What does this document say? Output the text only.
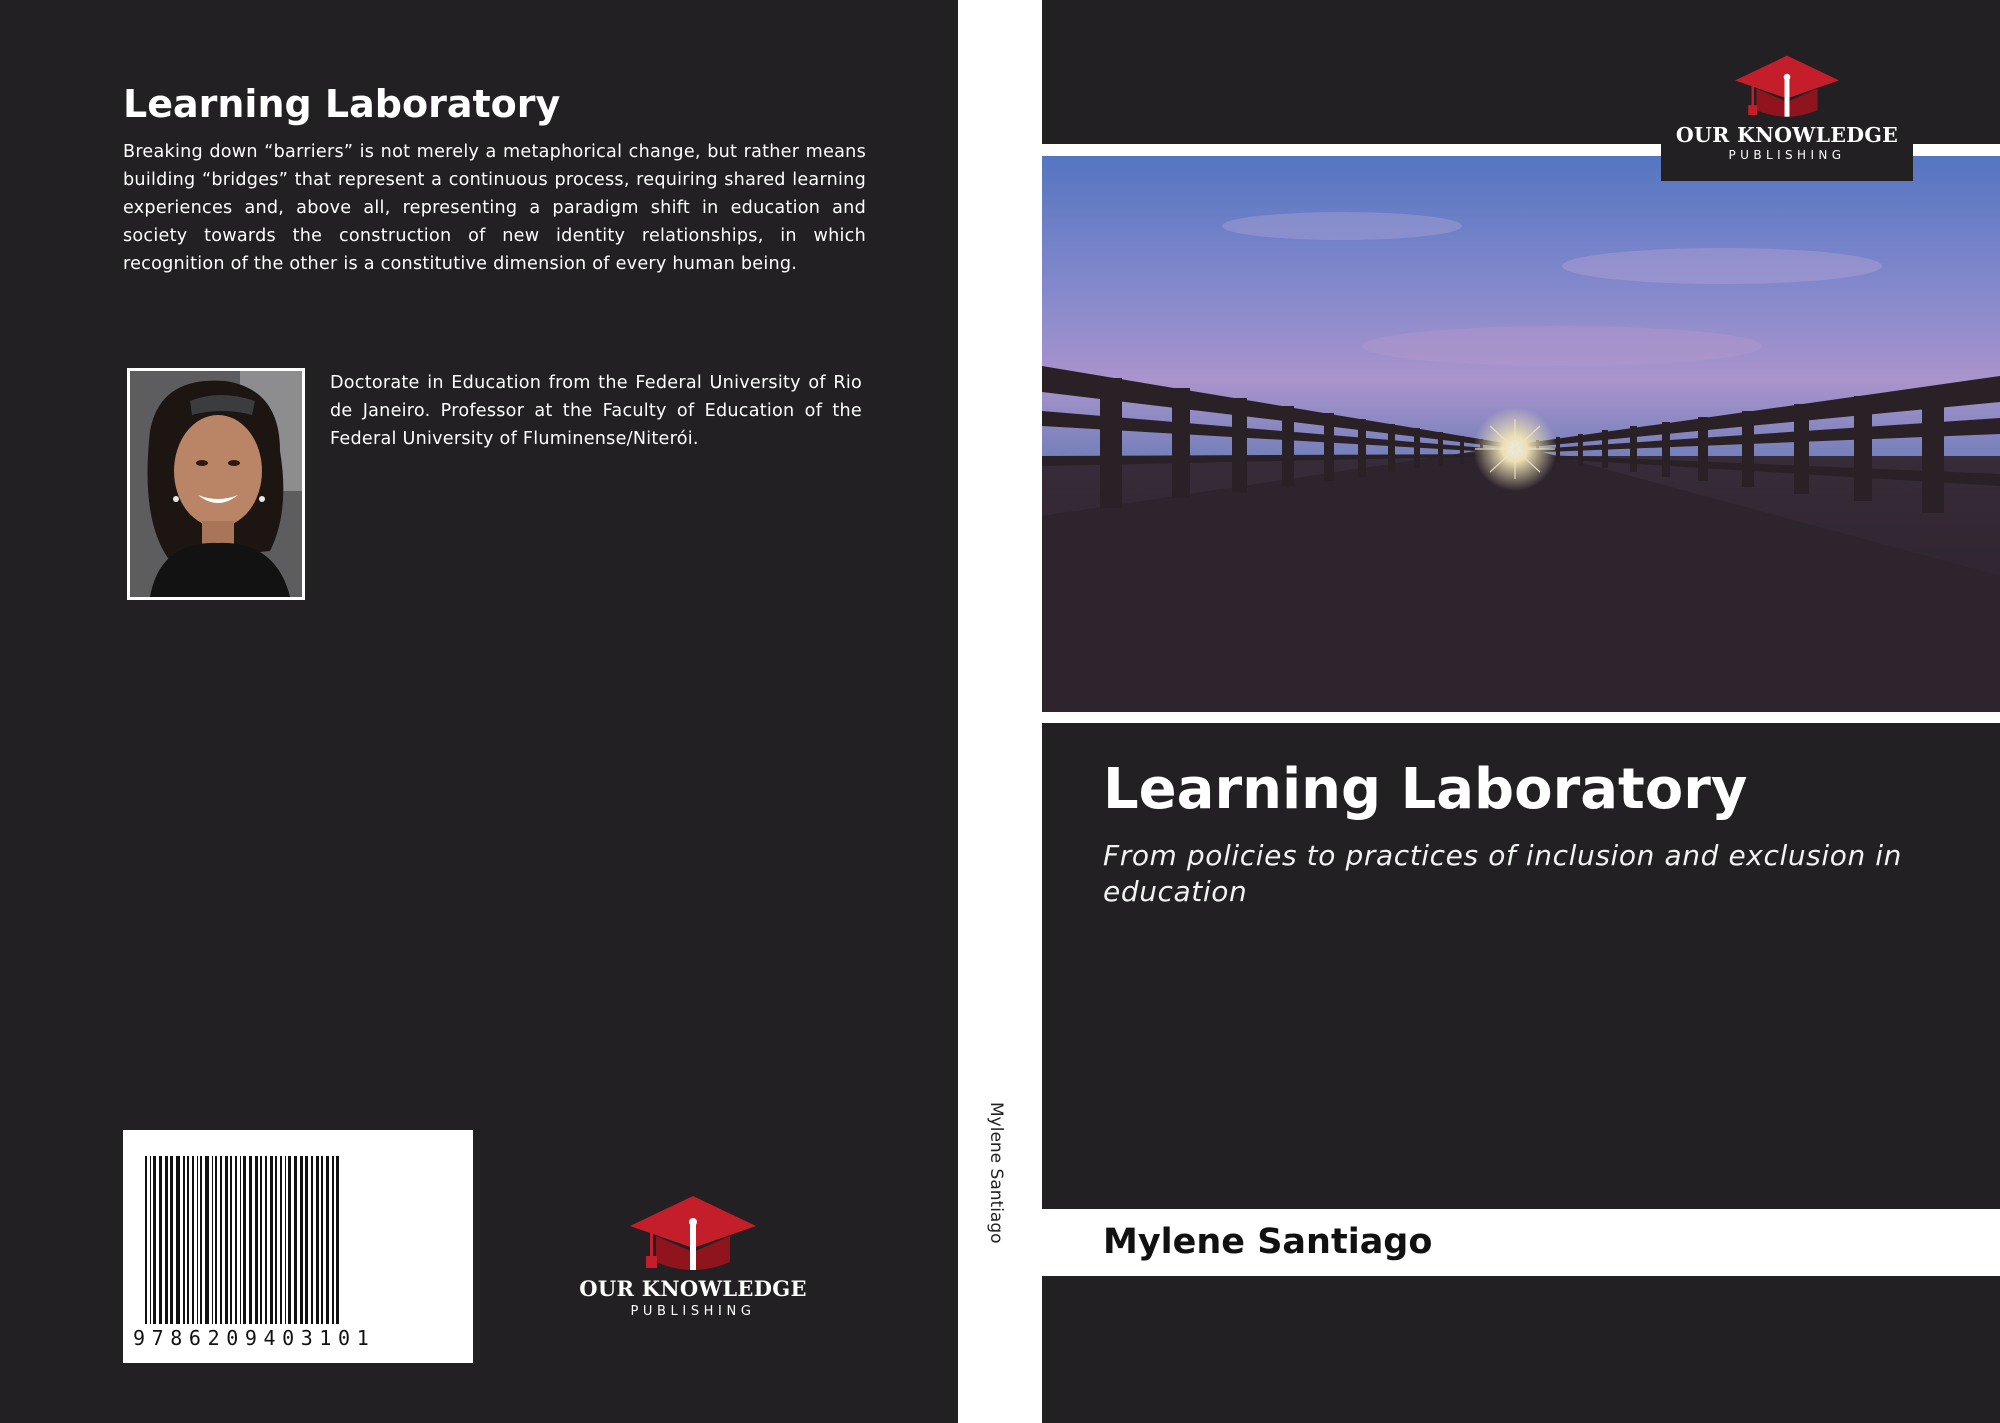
Learning Laboratory

Breaking down “barriers” is not merely a metaphorical change, but rather means building “bridges” that represent a continuous process, requiring shared learning experiences and, above all, representing a paradigm shift in education and society towards the construction of new identity relationships, in which recognition of the other is a constitutive dimension of every human being.

Doctorate in Education from the Federal University of Rio de Janeiro. Professor at the Faculty of Education of the Federal University of Fluminense/Niterói.

9786209403101
OUR KNOWLEDGE
PUBLISHING
Mylene Santiago
OUR KNOWLEDGE
PUBLISHING
Learning Laboratory

From policies to practices of inclusion and exclusion in education

Mylene Santiago
